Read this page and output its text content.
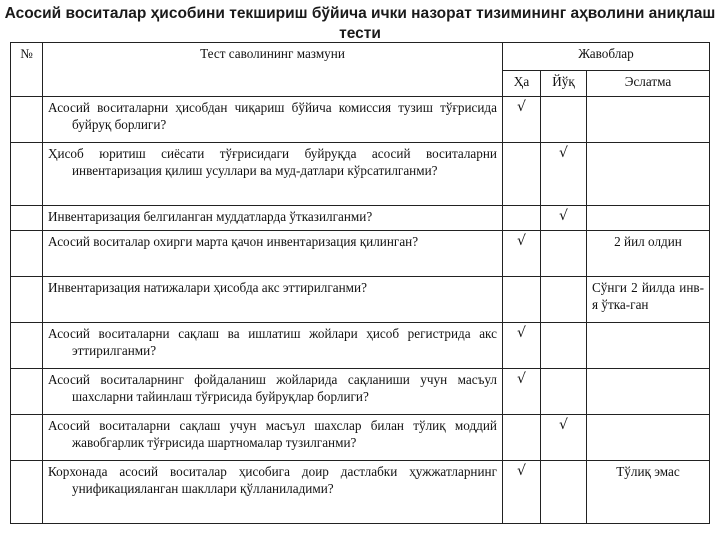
Асосий воситалар ҳисобини текшириш бўйича ички назорат тизимининг аҳволини аниқлаш тести
№	Тест саволининг мазмуни	Жавоблар		
		Ҳа	Йўқ	Эслатма

	Асосий воситаларни ҳисобдан чиқариш бўйича комиссия тузиш тўғрисида буйруқ борлиги?	√		

	Ҳисоб юритиш сиёсати тўғрисидаги буйруқда асосий воситаларни инвентаризация қилиш усуллари ва муд-датлари кўрсатилганми?		√	

	Инвентаризация белгиланган муддатларда ўтказилганми?		√	

	Асосий воситалар охирги марта қачон инвентаризация қилинган?	√		2 йил олдин

	Инвентаризация натижалари ҳисобда акс эттирилганми?			Сўнги 2 йилда инв-я ўтка-ган

	Асосий воситаларни сақлаш ва ишлатиш жойлари ҳисоб регистрида акс эттирилганми?	√		

	Асосий воситаларнинг фойдаланиш жойларида сақланиши учун масъул шахсларни тайинлаш тўғрисида буйруқлар борлиги?	√		

	Асосий воситаларни сақлаш учун масъул шахслар билан тўлиқ моддий жавобгарлик тўғрисида шартномалар тузилганми?		√	

	Корхонада асосий воситалар ҳисобига доир дастлабки ҳужжатларнинг унификацияланган шакллари қўлланиладими?	√		Тўлиқ эмас
